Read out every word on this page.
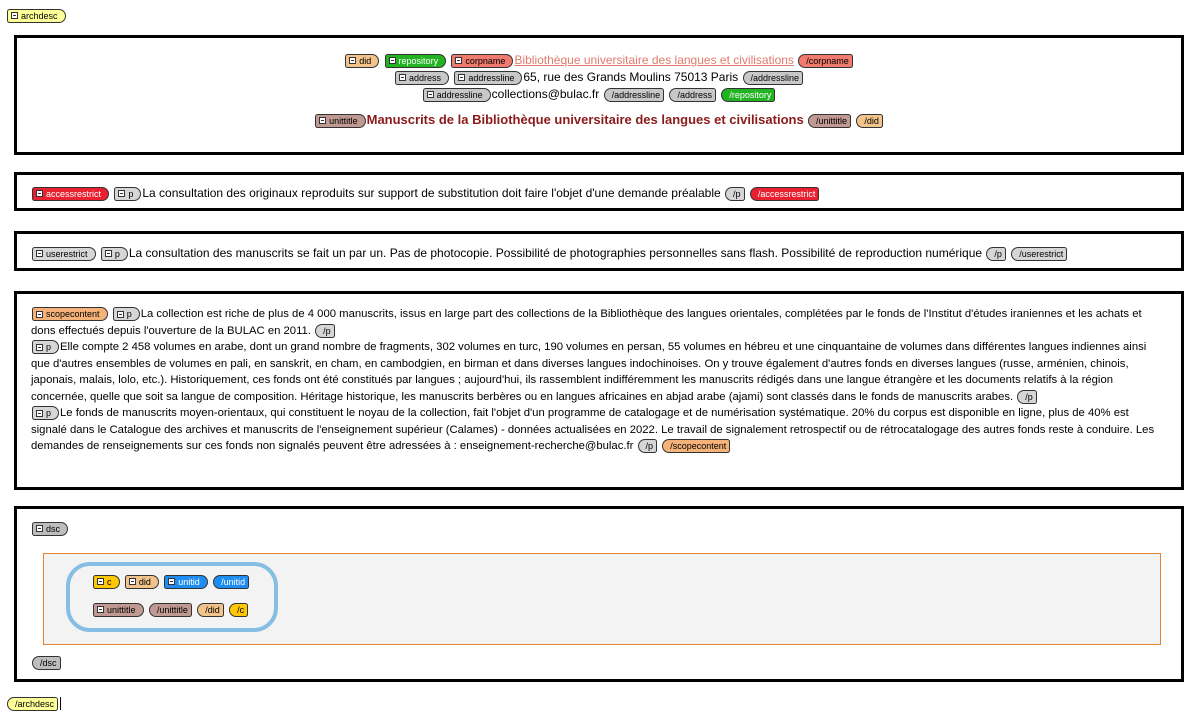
archdesc
did
	repository
	corpname Bibliothèque universitaire des langues et civilisations /corpname
address
	addressline 65, rue des Grands Moulins 75013 Paris /addressline
addressline collections@bulac.fr /addressline
/address
/repository
unittitle Manuscrits de la Bibliothèque universitaire des langues et civilisations /unittitle
/did
accessrestrict
	p La consultation des originaux reproduits sur support de substitution doit faire l'objet d'une demande préalable /p
/accessrestrict
userestrict
	p La consultation des manuscrits se fait un par un. Pas de photocopie. Possibilité de photographies personnelles sans flash. Possibilité de reproduction numérique /p
/userestrict
scopecontent
	p La collection est riche de plus de 4 000 manuscrits, issus en large part des collections de la Bibliothèque des langues orientales, complétées par le fonds de l'Institut d'études iraniennes et les achats et dons effectués depuis l'ouverture de la BULAC en 2011. /p
p Elle compte 2 458 volumes en arabe, dont un grand nombre de fragments, 302 volumes en turc, 190 volumes en persan, 55 volumes en hébreu et une cinquantaine de volumes dans différentes langues indiennes ainsi que d'autres ensembles de volumes en pali, en sanskrit, en cham, en cambodgien, en birman et dans diverses langues indochinoises. On y trouve également d'autres fonds en diverses langues (russe, arménien, chinois, japonais, malais, lolo, etc.). Historiquement, ces fonds ont été constitués par langues ; aujourd'hui, ils rassemblent indifféremment les manuscrits rédigés dans une langue étrangère et les documents relatifs à la région concernée, quelle que soit sa langue de composition. Héritage historique, les manuscrits berbères ou en langues africaines en abjad arabe (ajami) sont classés dans le fonds de manuscrits arabes. /p
p Le fonds de manuscrits moyen-orientaux, qui constituent le noyau de la collection, fait l'objet d'un programme de catalogage et de numérisation systématique. 20% du corpus est disponible en ligne, plus de 40% est signalé dans le Catalogue des archives et manuscrits de l'enseignement supérieur (Calames) - données actualisées en 2022. Le travail de signalement retrospectif ou de rétrocatalogage des autres fonds reste à conduire. Les demandes de renseignements sur ces fonds non signalés peuvent être adressées à : enseignement-recherche@bulac.fr /p
/scopecontent
dsc
c
	did
	unitid
/unitid
unittitle
/unittitle
/did
/c
/dsc
/archdesc
